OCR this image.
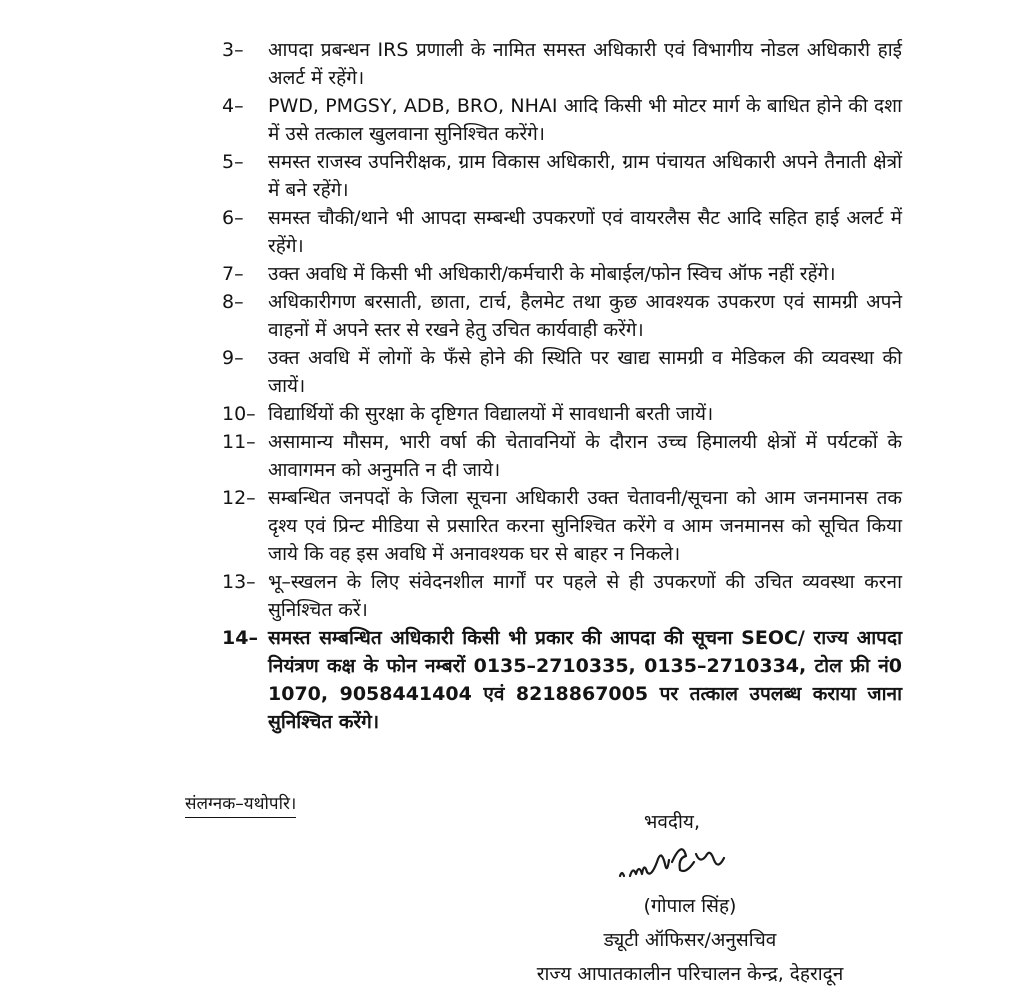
3–	आपदा प्रबन्धन IRS प्रणाली के नामित समस्त अधिकारी एवं विभागीय नोडल अधिकारी हाई अलर्ट में रहेंगे।
4–	PWD, PMGSY, ADB, BRO, NHAI आदि किसी भी मोटर मार्ग के बाधित होने की दशा में उसे तत्काल खुलवाना सुनिश्चित करेंगे।
5–	समस्त राजस्व उपनिरीक्षक, ग्राम विकास अधिकारी, ग्राम पंचायत अधिकारी अपने तैनाती क्षेत्रों में बने रहेंगे।
6–	समस्त चौकी/थाने भी आपदा सम्बन्धी उपकरणों एवं वायरलैस सैट आदि सहित हाई अलर्ट में रहेंगे।
7–	उक्त अवधि में किसी भी अधिकारी/कर्मचारी के मोबाईल/फोन स्विच ऑफ नहीं रहेंगे।
8–	अधिकारीगण बरसाती, छाता, टार्च, हैलमेट तथा कुछ आवश्यक उपकरण एवं सामग्री अपने वाहनों में अपने स्तर से रखने हेतु उचित कार्यवाही करेंगे।
9–	उक्त अवधि में लोगों के फँसे होने की स्थिति पर खाद्य सामग्री व मेडिकल की व्यवस्था की जायें।
10– विद्यार्थियों की सुरक्षा के दृष्टिगत विद्यालयों में सावधानी बरती जायें।
11– असामान्य मौसम, भारी वर्षा की चेतावनियों के दौरान उच्च हिमालयी क्षेत्रों में पर्यटकों के आवागमन को अनुमति न दी जाये।
12– सम्बन्धित जनपदों के जिला सूचना अधिकारी उक्त चेतावनी/सूचना को आम जनमानस तक दृश्य एवं प्रिन्ट मीडिया से प्रसारित करना सुनिश्चित करेंगे व आम जनमानस को सूचित किया जाये कि वह इस अवधि में अनावश्यक घर से बाहर न निकले।
13– भू–स्खलन के लिए संवेदनशील मार्गों पर पहले से ही उपकरणों की उचित व्यवस्था करना सुनिश्चित करें।
14– समस्त सम्बन्धित अधिकारी किसी भी प्रकार की आपदा की सूचना SEOC/ राज्य आपदा नियंत्रण कक्ष के फोन नम्बरों 0135–2710335, 0135–2710334, टोल फ्री नं0 1070, 9058441404 एवं 8218867005 पर तत्काल उपलब्ध कराया जाना सुनिश्चित करेंगे।
संलग्नक–यथोपरि।
भवदीय,
(गोपाल सिंह)
ड्यूटी ऑफिसर/अनुसचिव
राज्य आपातकालीन परिचालन केन्द्र, देहरादून
